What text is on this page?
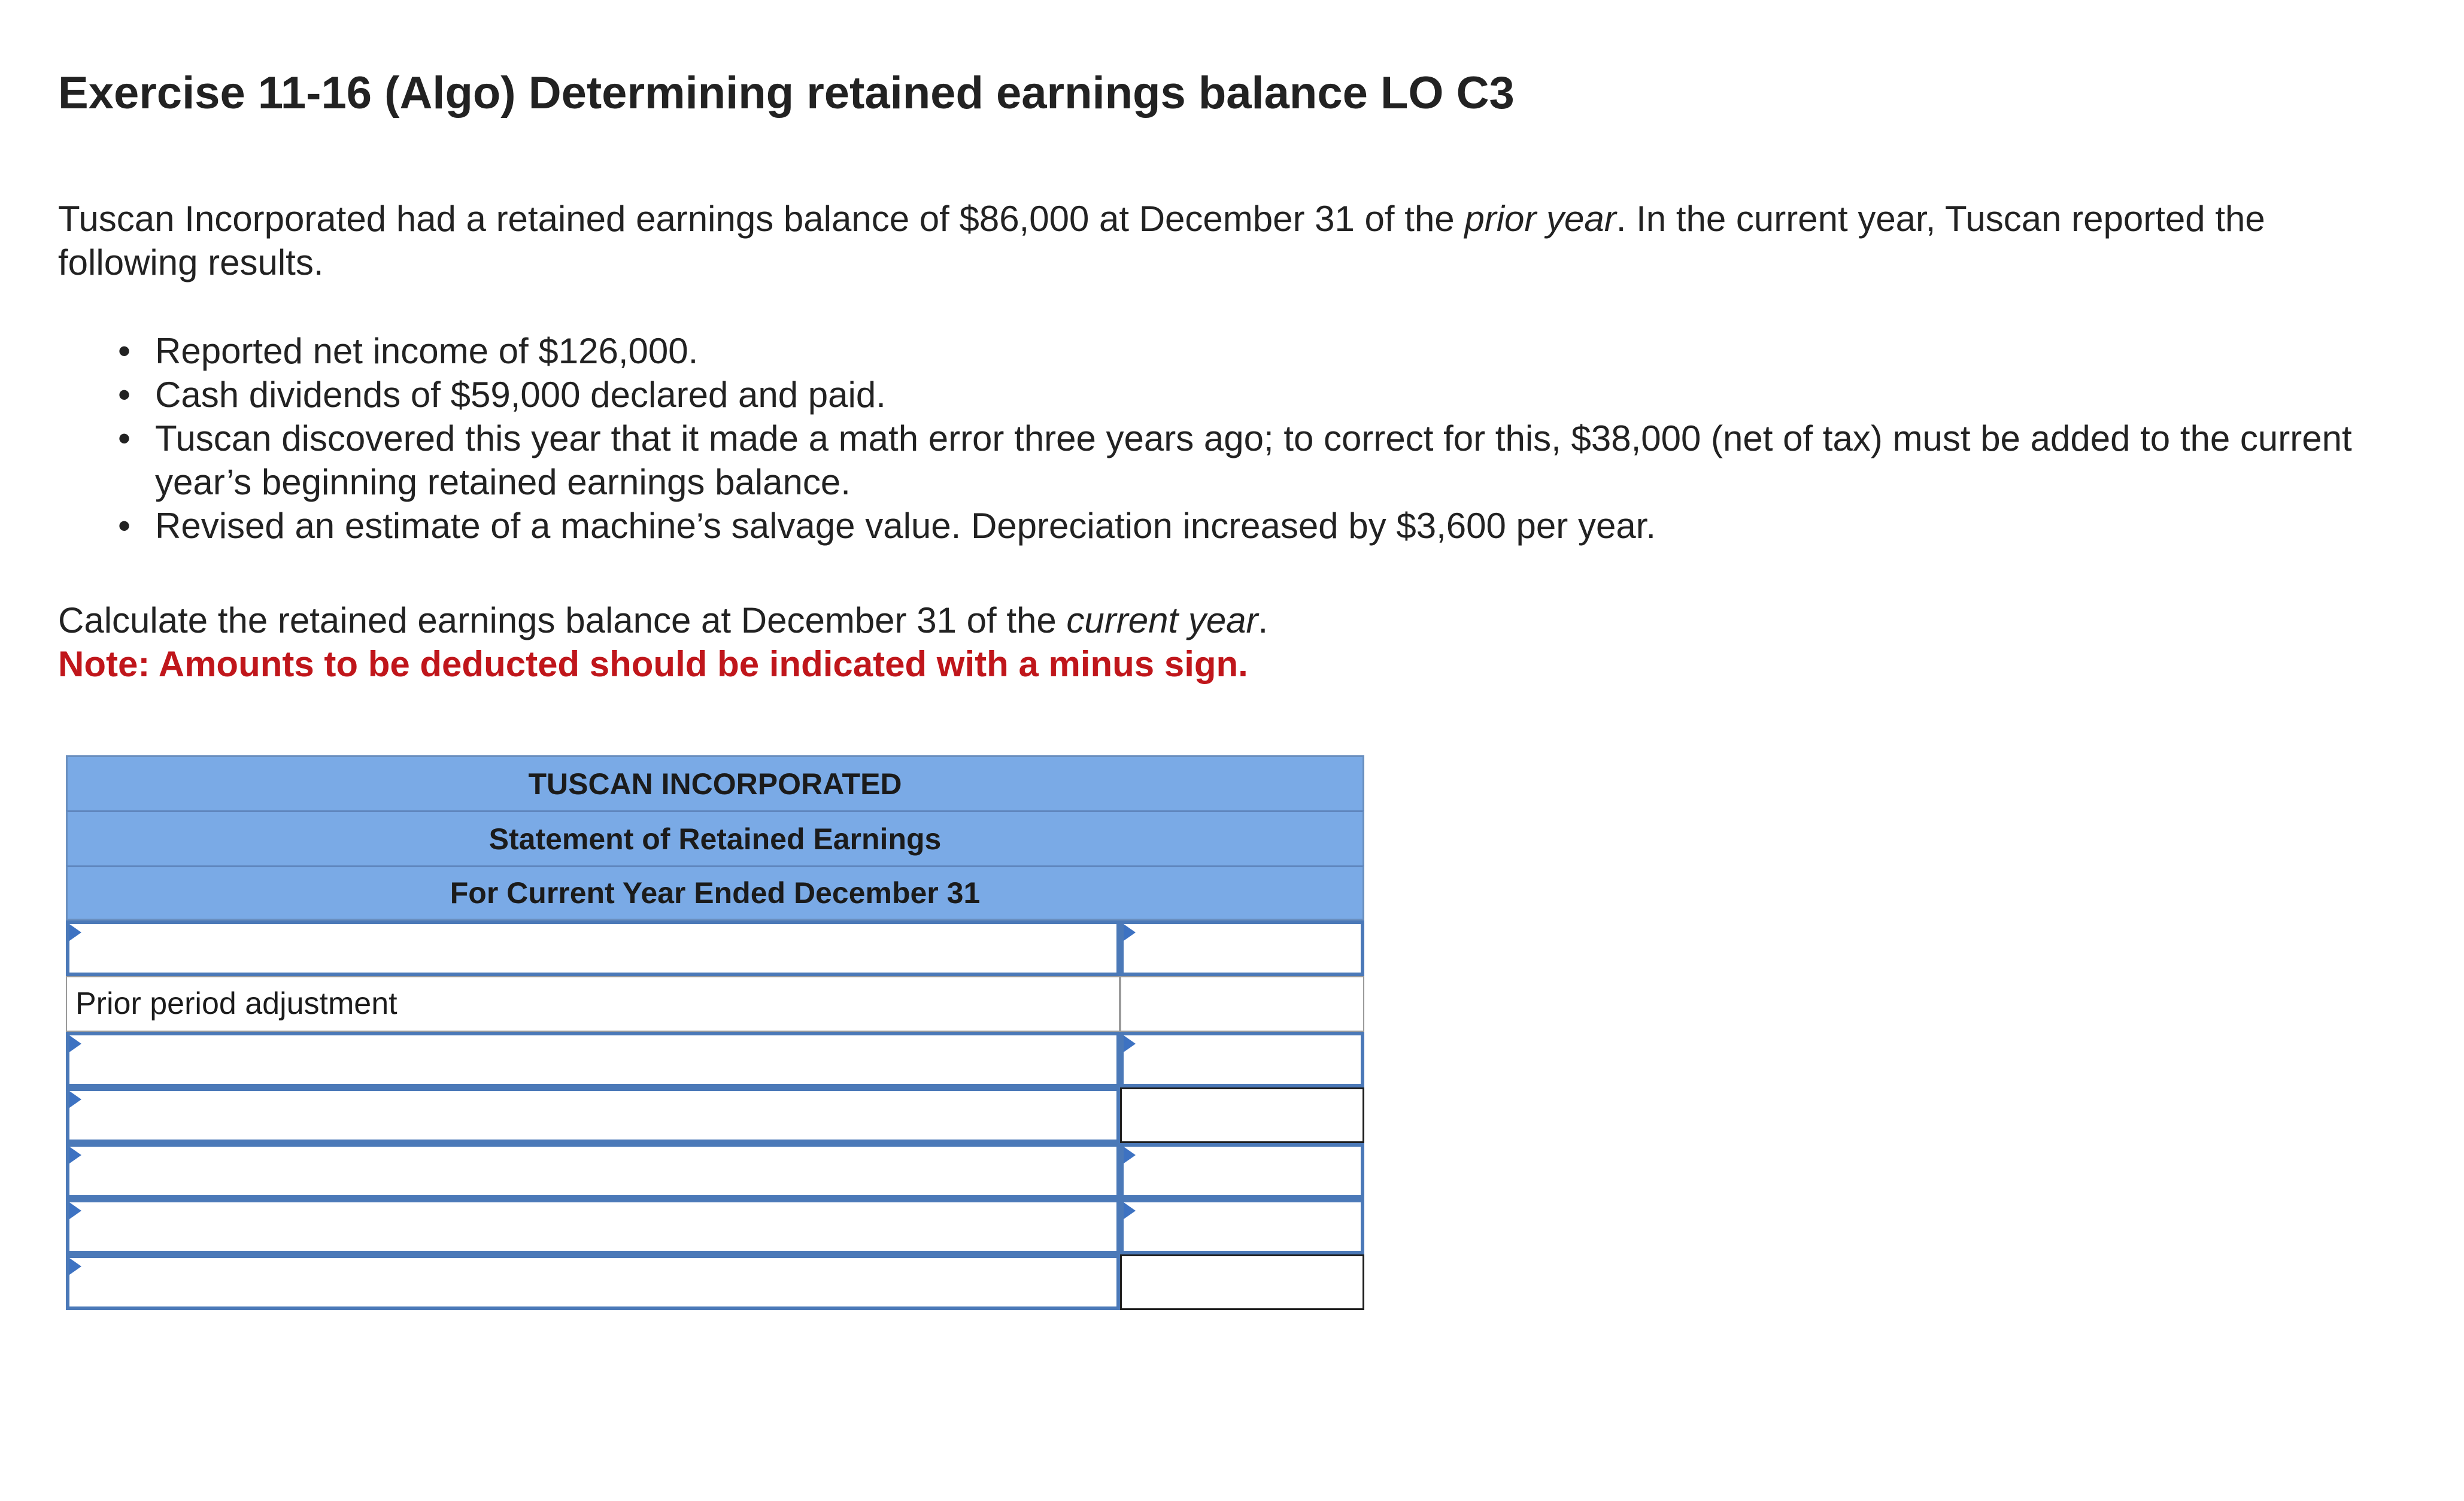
Exercise 11-16 (Algo) Determining retained earnings balance LO C3

Tuscan Incorporated had a retained earnings balance of $86,000 at December 31 of the prior year. In the current year, Tuscan reported the following results.

• Reported net income of $126,000.
• Cash dividends of $59,000 declared and paid.
• Tuscan discovered this year that it made a math error three years ago; to correct for this, $38,000 (net of tax) must be added to the current year’s beginning retained earnings balance.
• Revised an estimate of a machine’s salvage value. Depreciation increased by $3,600 per year.

Calculate the retained earnings balance at December 31 of the current year.

Note: Amounts to be deducted should be indicated with a minus sign.

TUSCAN INCORPORATED
Statement of Retained Earnings
For Current Year Ended December 31
Prior period adjustment
